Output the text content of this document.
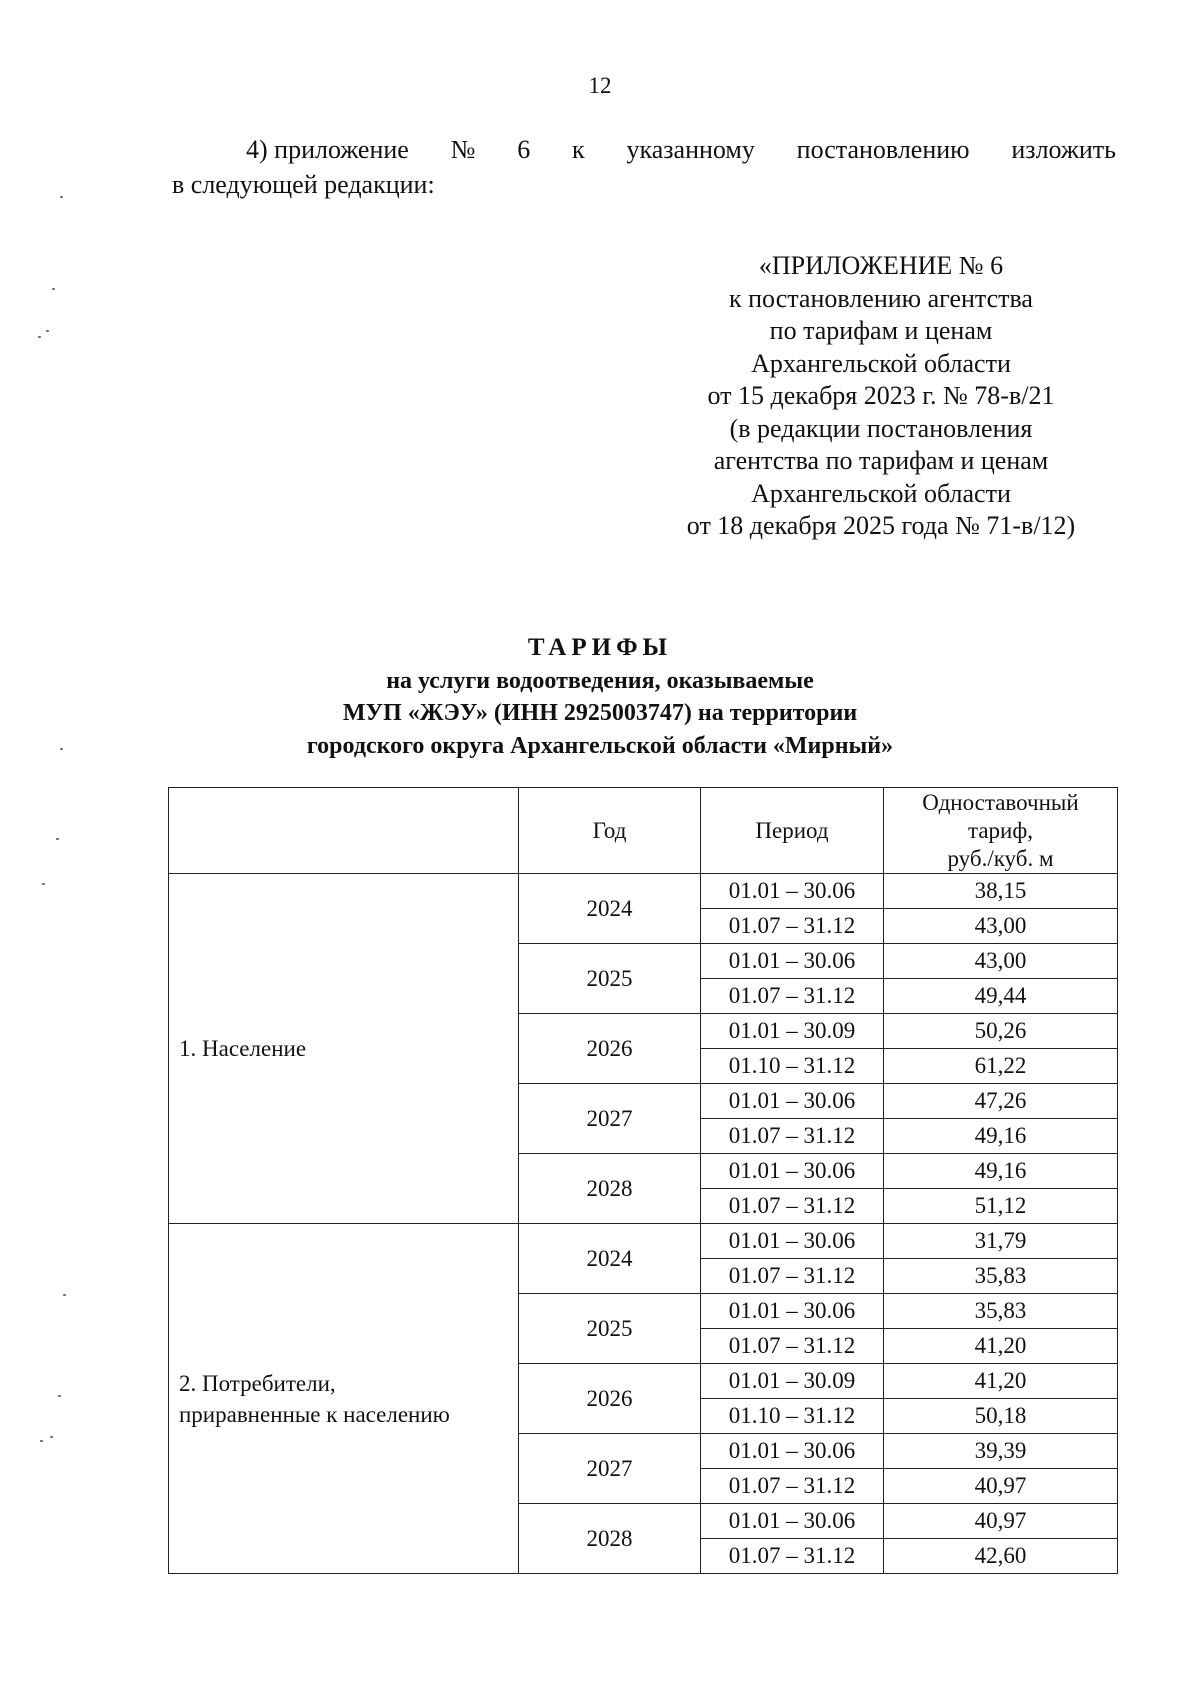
12
4) приложение № 6 к указанному постановлению изложить
в следующей редакции:
«ПРИЛОЖЕНИЕ № 6
к постановлению агентства
по тарифам и ценам
Архангельской области
от 15 декабря 2023 г. № 78-в/21
(в редакции постановления
агентства по тарифам и ценам
Архангельской области
от 18 декабря 2025 года № 71-в/12)
ТАРИФЫ
на услуги водоотведения, оказываемые
МУП «ЖЭУ» (ИНН 2925003747) на территории
городского округа Архангельской области «Мирный»
	Год	Период	Одноставочный
тариф,
руб./куб. м

1. Население	2024	01.01 – 30.06	38,15
		01.07 – 31.12	43,00
	2025	01.01 – 30.06	43,00
		01.07 – 31.12	49,44
	2026	01.01 – 30.09	50,26
		01.10 – 31.12	61,22
	2027	01.01 – 30.06	47,26
		01.07 – 31.12	49,16
	2028	01.01 – 30.06	49,16
		01.07 – 31.12	51,12

2. Потребители,
приравненные к населению	2024	01.01 – 30.06	31,79
		01.07 – 31.12	35,83
	2025	01.01 – 30.06	35,83
		01.07 – 31.12	41,20
	2026	01.01 – 30.09	41,20
		01.10 – 31.12	50,18
	2027	01.01 – 30.06	39,39
		01.07 – 31.12	40,97
	2028	01.01 – 30.06	40,97
		01.07 – 31.12	42,60
